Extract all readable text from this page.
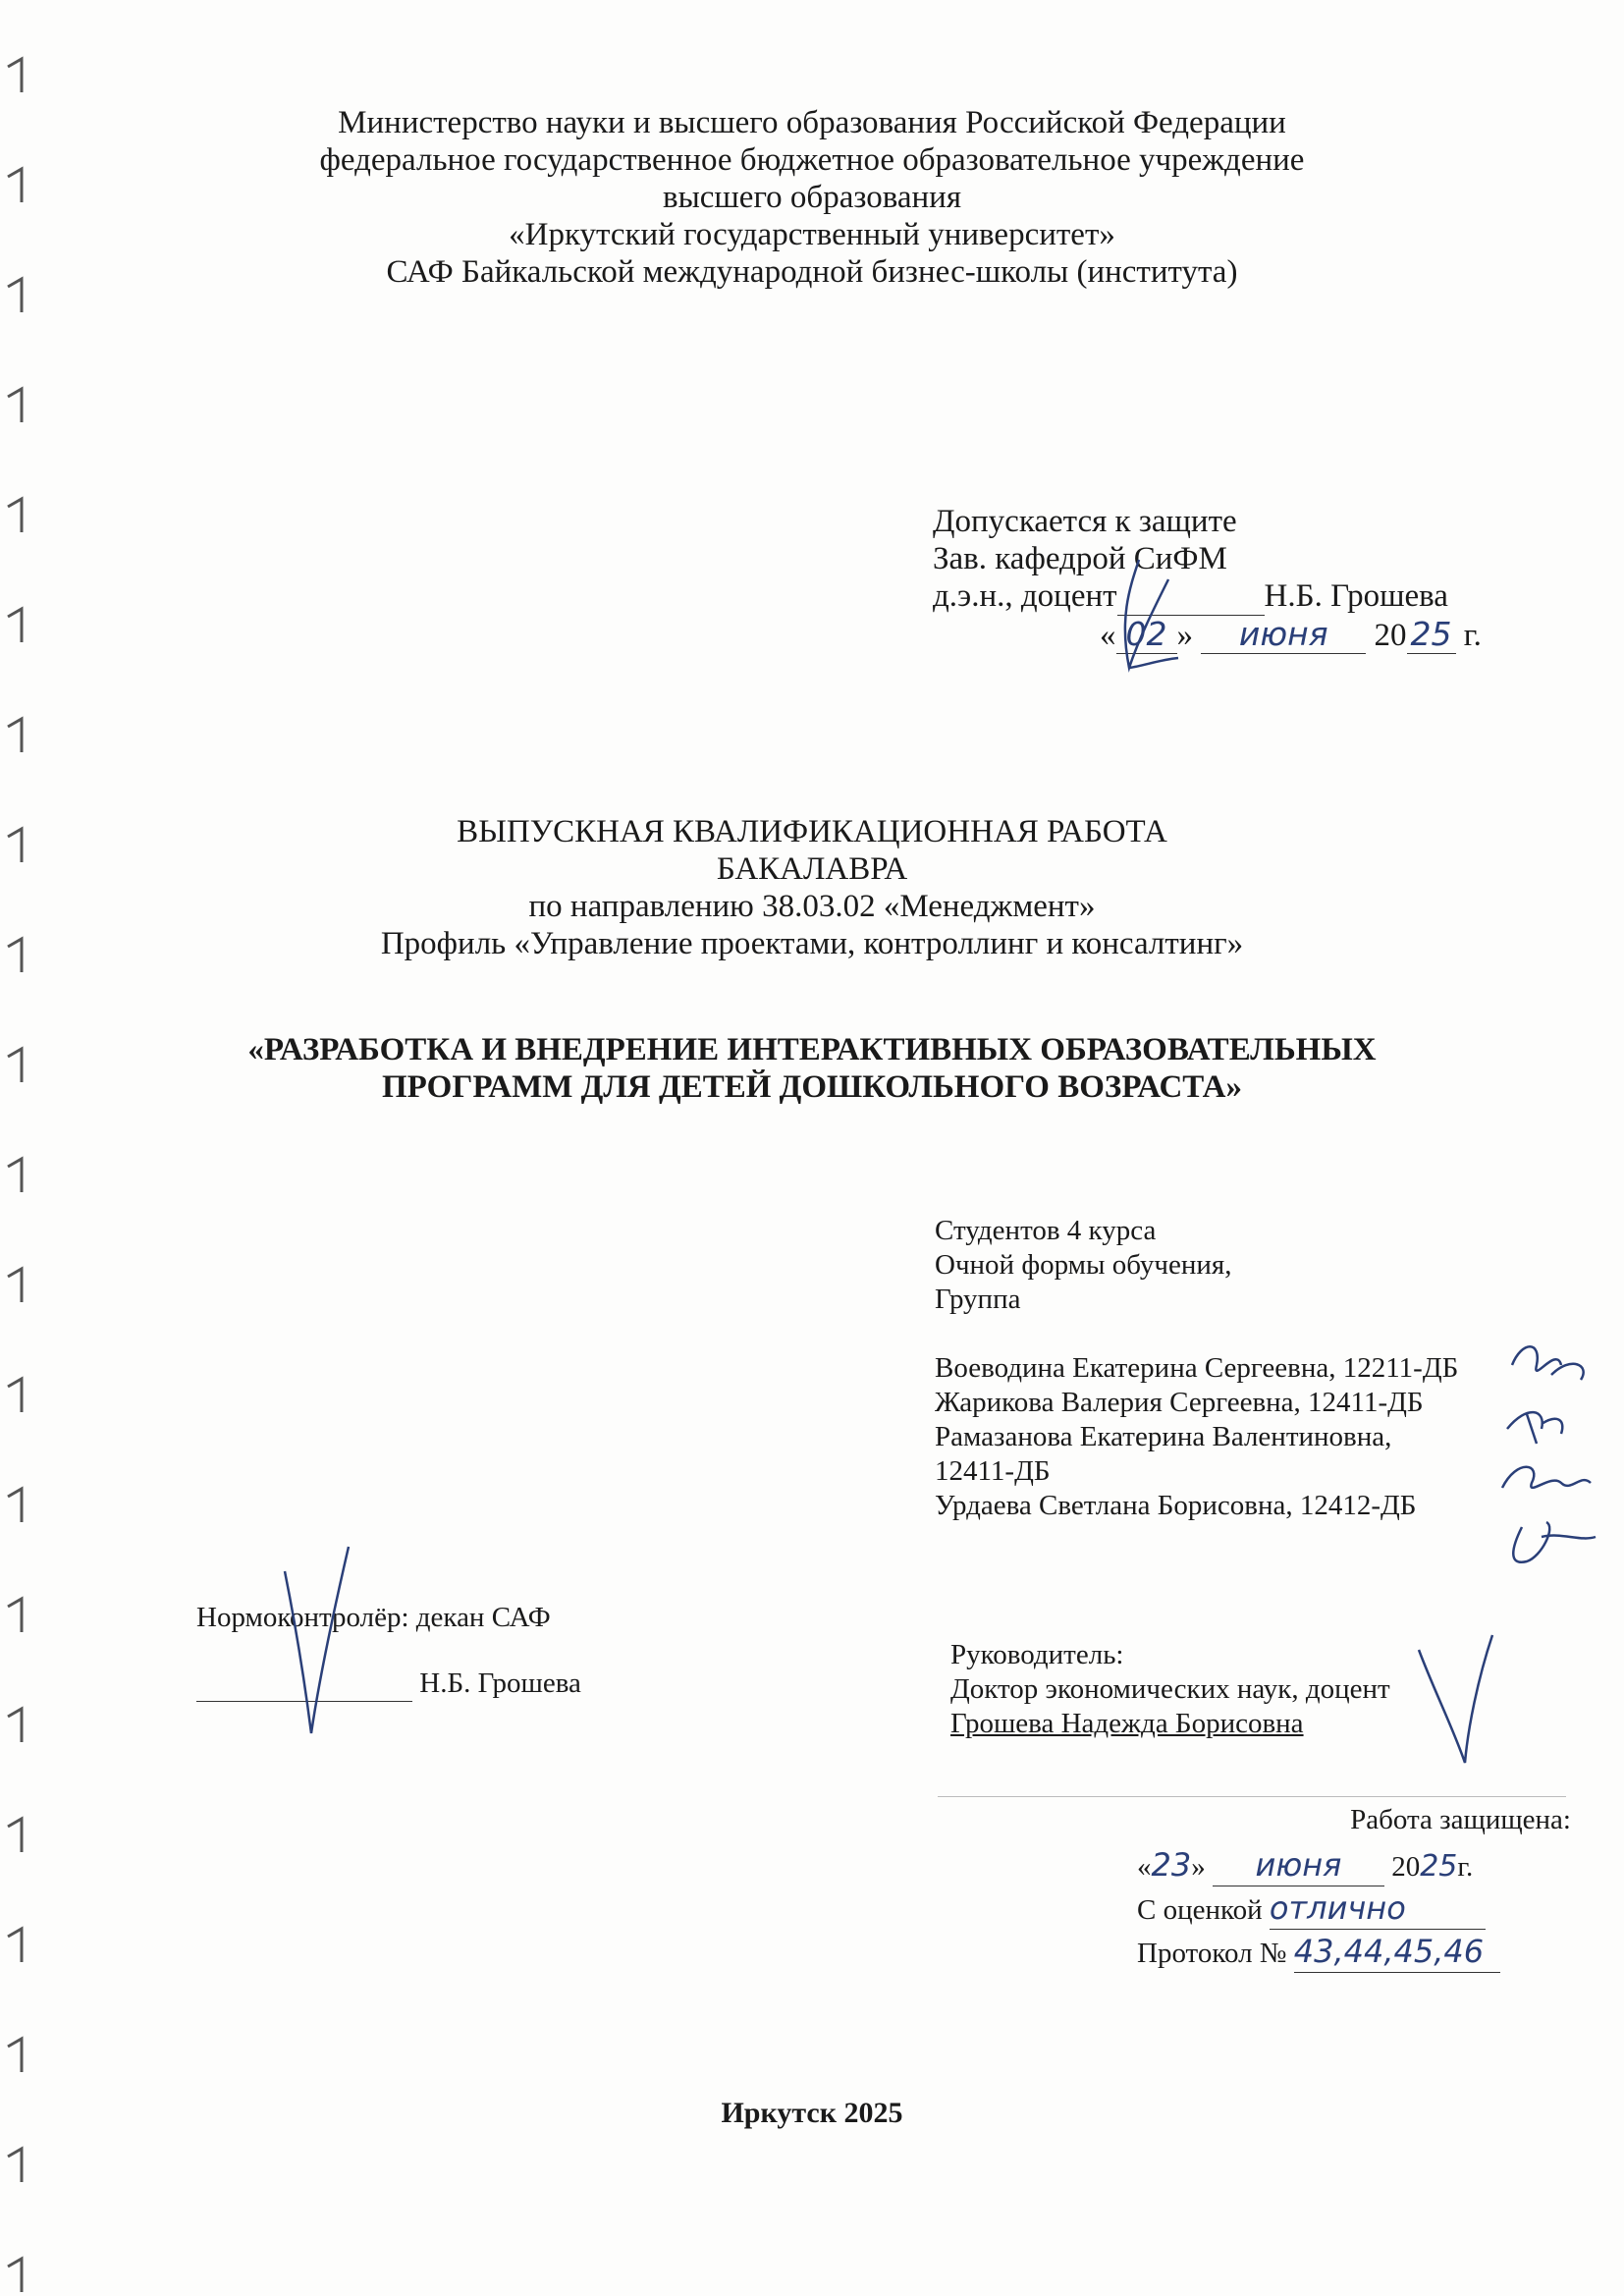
Министерство науки и высшего образования Российской Федерации
федеральное государственное бюджетное образовательное учреждение
высшего образования
«Иркутский государственный университет»
САФ Байкальской международной бизнес-школы (института)
Допускается к защите
Зав. кафедрой СиФМ
д.э.н., доцент	Н.Б. Грошева
« 02 » июня 20 25 г.
ВЫПУСКНАЯ КВАЛИФИКАЦИОННАЯ РАБОТА
БАКАЛАВРА
по направлению 38.03.02 «Менеджмент»
Профиль «Управление проектами, контроллинг и консалтинг»
«РАЗРАБОТКА И ВНЕДРЕНИЕ ИНТЕРАКТИВНЫХ ОБРАЗОВАТЕЛЬНЫХ
ПРОГРАММ ДЛЯ ДЕТЕЙ ДОШКОЛЬНОГО ВОЗРАСТА»
Студентов 4 курса
Очной формы обучения,
Группа
Воеводина Екатерина Сергеевна, 12211-ДБ
Жарикова Валерия Сергеевна, 12411-ДБ
Рамазанова Екатерина Валентиновна,
12411-ДБ
Урдаева Светлана Борисовна, 12412-ДБ
Нормоконтролёр: декан САФ
Н.Б. Грошева
Руководитель:
Доктор экономических наук, доцент
Грошева Надежда Борисовна
Работа защищена:
«23» июня 2025г.
С оценкой отлично
Протокол № 43,44,45,46
Иркутск 2025
